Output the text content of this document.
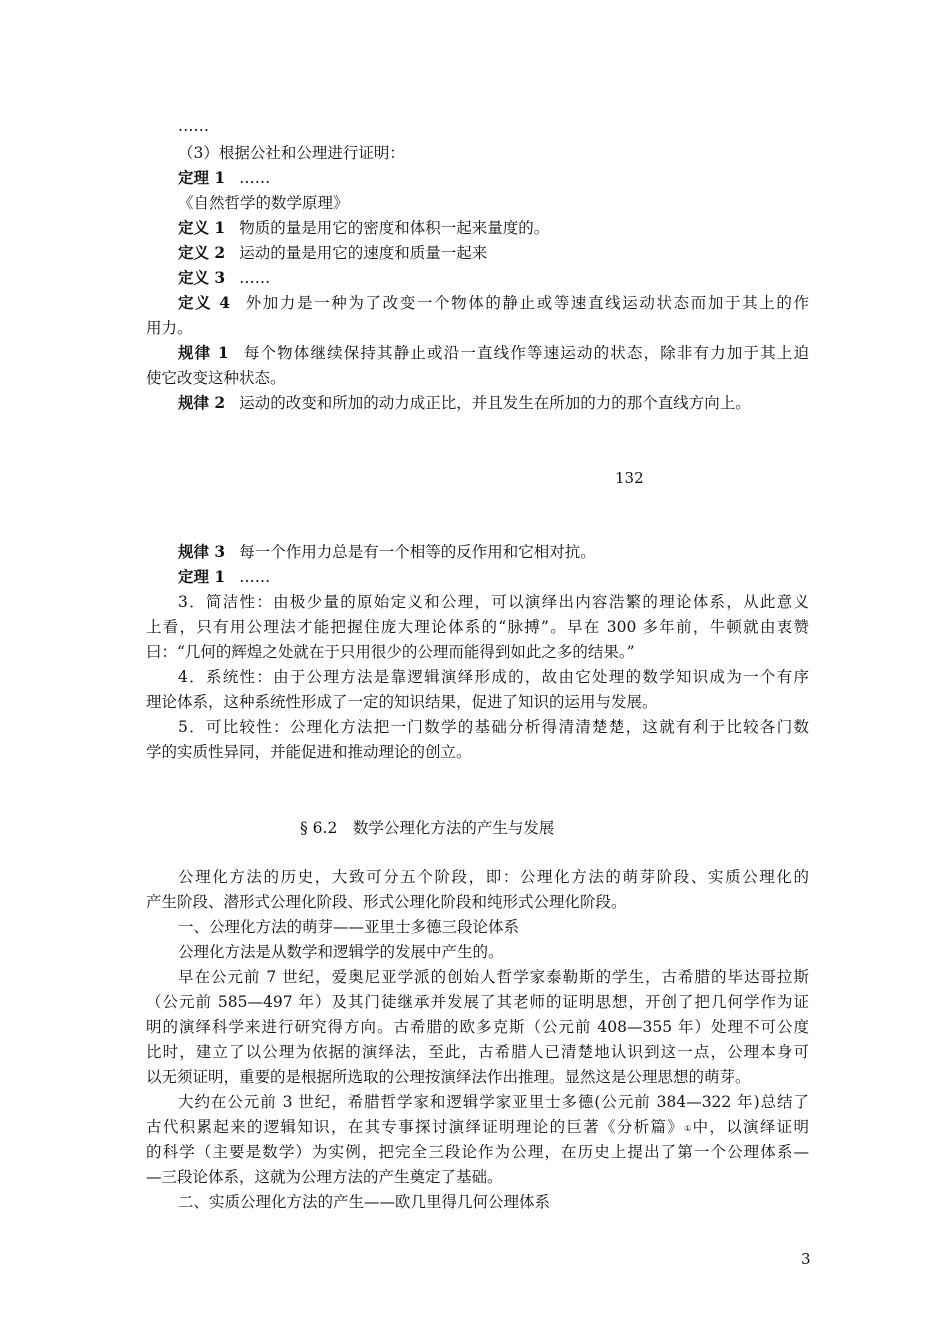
……
（3）根据公社和公理进行证明：
定理 1 ……
《自然哲学的数学原理》
定义 1 物质的量是用它的密度和体积一起来量度的。
定义 2 运动的量是用它的速度和质量一起来
定义 3 ……
定义 4 外加力是一种为了改变一个物体的静止或等速直线运动状态而加于其上的作
用力。
规律 1 每个物体继续保持其静止或沿一直线作等速运动的状态，除非有力加于其上迫
使它改变这种状态。
规律 2 运动的改变和所加的动力成正比，并且发生在所加的力的那个直线方向上。
132
规律 3 每一个作用力总是有一个相等的反作用和它相对抗。
定理 1 ……
3．简洁性：由极少量的原始定义和公理，可以演绎出内容浩繁的理论体系，从此意义
上看，只有用公理法才能把握住庞大理论体系的“脉搏”。早在 300 多年前，牛顿就由衷赞
曰：“几何的辉煌之处就在于只用很少的公理而能得到如此之多的结果。”
4．系统性：由于公理方法是靠逻辑演绎形成的，故由它处理的数学知识成为一个有序
理论体系，这种系统性形成了一定的知识结果，促进了知识的运用与发展。
5．可比较性：公理化方法把一门数学的基础分析得清清楚楚，这就有利于比较各门数
学的实质性异同，并能促进和推动理论的创立。
§ 6.2　数学公理化方法的产生与发展
公理化方法的历史，大致可分五个阶段，即：公理化方法的萌芽阶段、实质公理化的
产生阶段、潜形式公理化阶段、形式公理化阶段和纯形式公理化阶段。
一、公理化方法的萌芽——亚里士多德三段论体系
公理化方法是从数学和逻辑学的发展中产生的。
早在公元前 7 世纪，爱奥尼亚学派的创始人哲学家泰勒斯的学生，古希腊的毕达哥拉斯
（公元前 585—497 年）及其门徒继承并发展了其老师的证明思想，开创了把几何学作为证
明的演绎科学来进行研究得方向。古希腊的欧多克斯（公元前 408—355 年）处理不可公度
比时，建立了以公理为依据的演绎法，至此，古希腊人已清楚地认识到这一点，公理本身可
以无须证明，重要的是根据所选取的公理按演绎法作出推理。显然这是公理思想的萌芽。
大约在公元前 3 世纪，希腊哲学家和逻辑学家亚里士多德(公元前 384—322 年)总结了
古代积累起来的逻辑知识，在其专事探讨演绎证明理论的巨著《分析篇》①中，以演绎证明
的科学（主要是数学）为实例，把完全三段论作为公理，在历史上提出了第一个公理体系—
—三段论体系，这就为公理方法的产生奠定了基础。
二、实质公理化方法的产生——欧几里得几何公理体系
3
